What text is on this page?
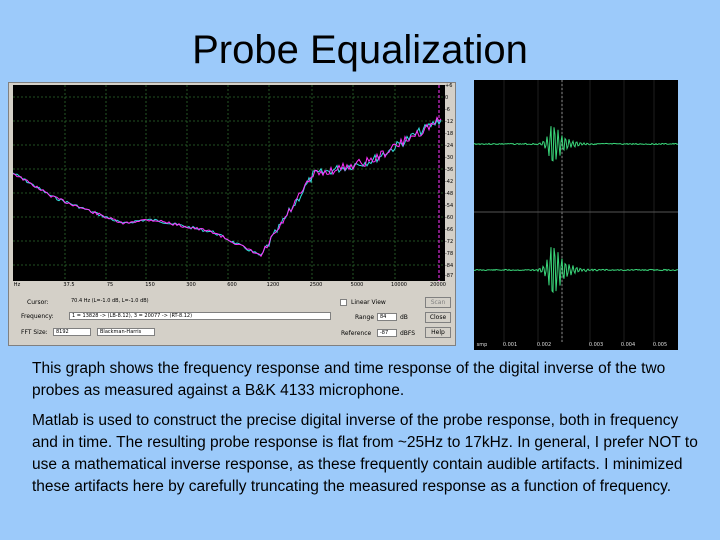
Probe Equalization
+6
0
-6
-12
-18
-24
-30
-36
-42
-48
-54
-60
-66
-72
-78
-84
-87
Hz	37.5	75	150	300	600	1200	2500	5000	10000	20000
Cursor:	70.4 Hz (L=-1.0 dB, L=-1.0 dB)
Frequency:	1 = 13828 -> (LB-8.12), 3 = 20077 -> (RT-8.12)
FFT Size:	8192	Blackman-Harris
Linear View
Range	84	dB
Reference	-87	dBFS
Scan
Close
Help
smp	0.001	0.002	0.003	0.004	0.005
This graph shows the frequency response and time response of the digital inverse of the two probes as measured against a B&K 4133 microphone.
Matlab is used to construct the precise digital inverse of the probe response, both in frequency and in time. The resulting probe response is flat from ~25Hz to 17kHz. In general, I prefer NOT to use a mathematical inverse response, as these frequently contain audible artifacts. I minimized these artifacts here by carefully truncating the measured response as a function of frequency.
